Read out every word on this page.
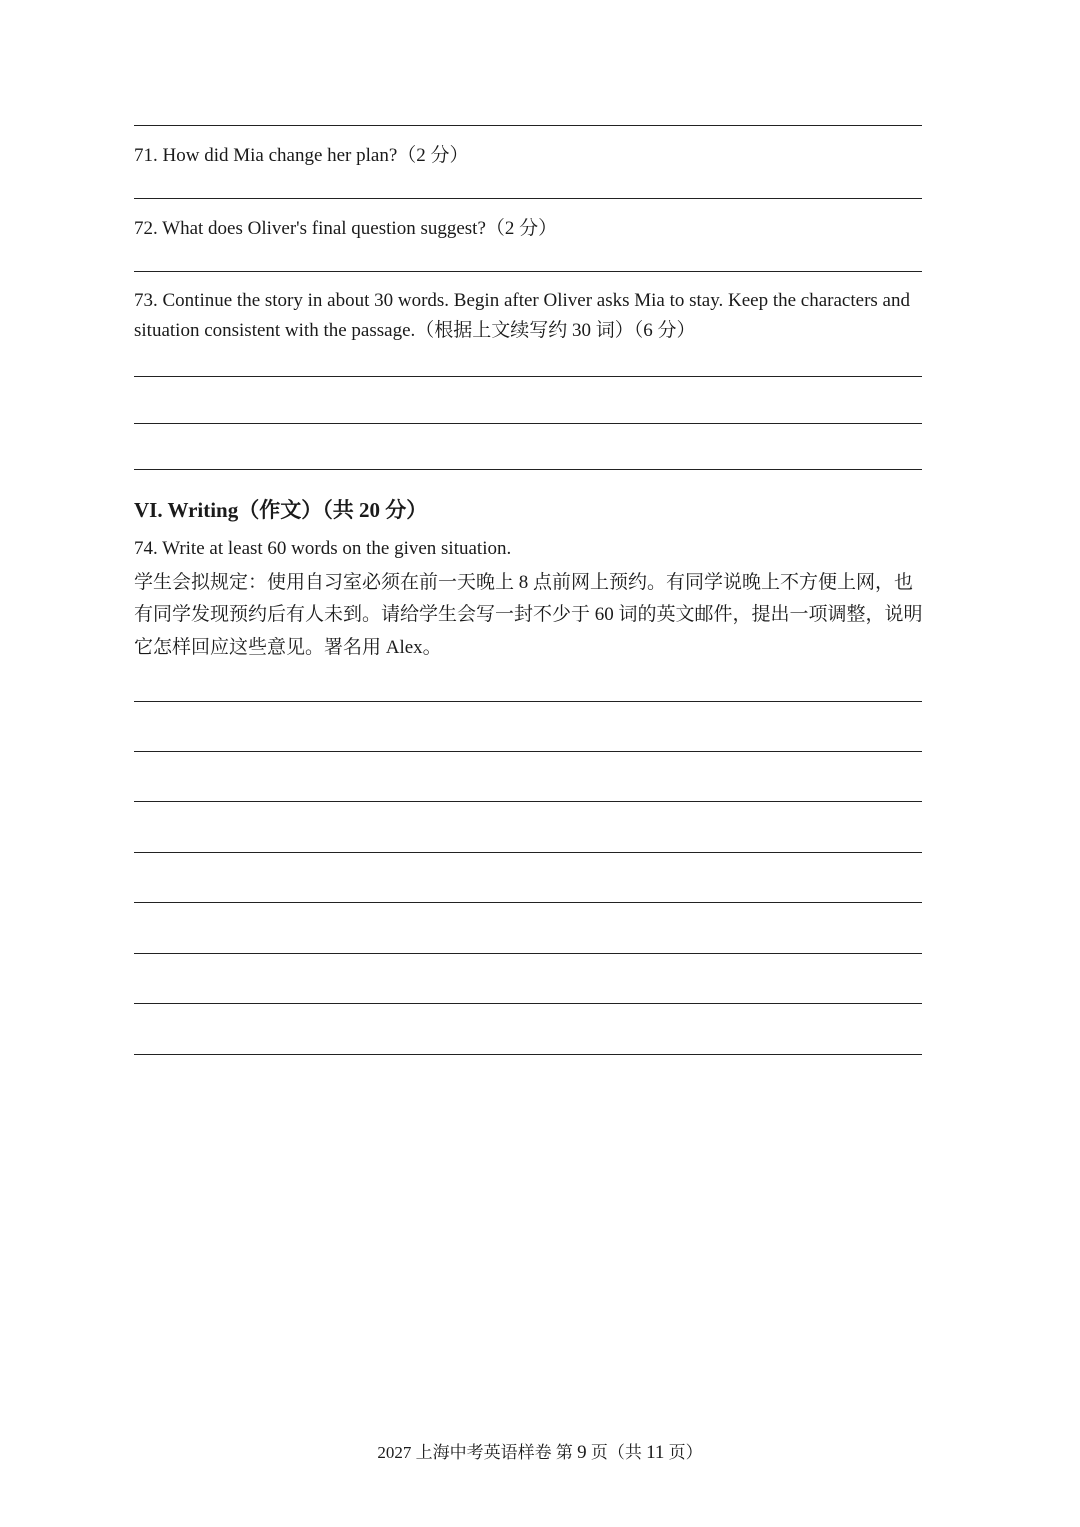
71. How did Mia change her plan?（2 分）
72. What does Oliver's final question suggest?（2 分）
73. Continue the story in about 30 words. Begin after Oliver asks Mia to stay. Keep the characters and
situation consistent with the passage.（根据上文续写约 30 词）（6 分）
VI. Writing（作文）（共 20 分）
74. Write at least 60 words on the given situation.
学生会拟规定：使用自习室必须在前一天晚上 8 点前网上预约。有同学说晚上不方便上网，也
有同学发现预约后有人未到。请给学生会写一封不少于 60 词的英文邮件，提出一项调整，说明
它怎样回应这些意见。署名用 Alex。
2027 上海中考英语样卷 第 9 页（共 11 页）
